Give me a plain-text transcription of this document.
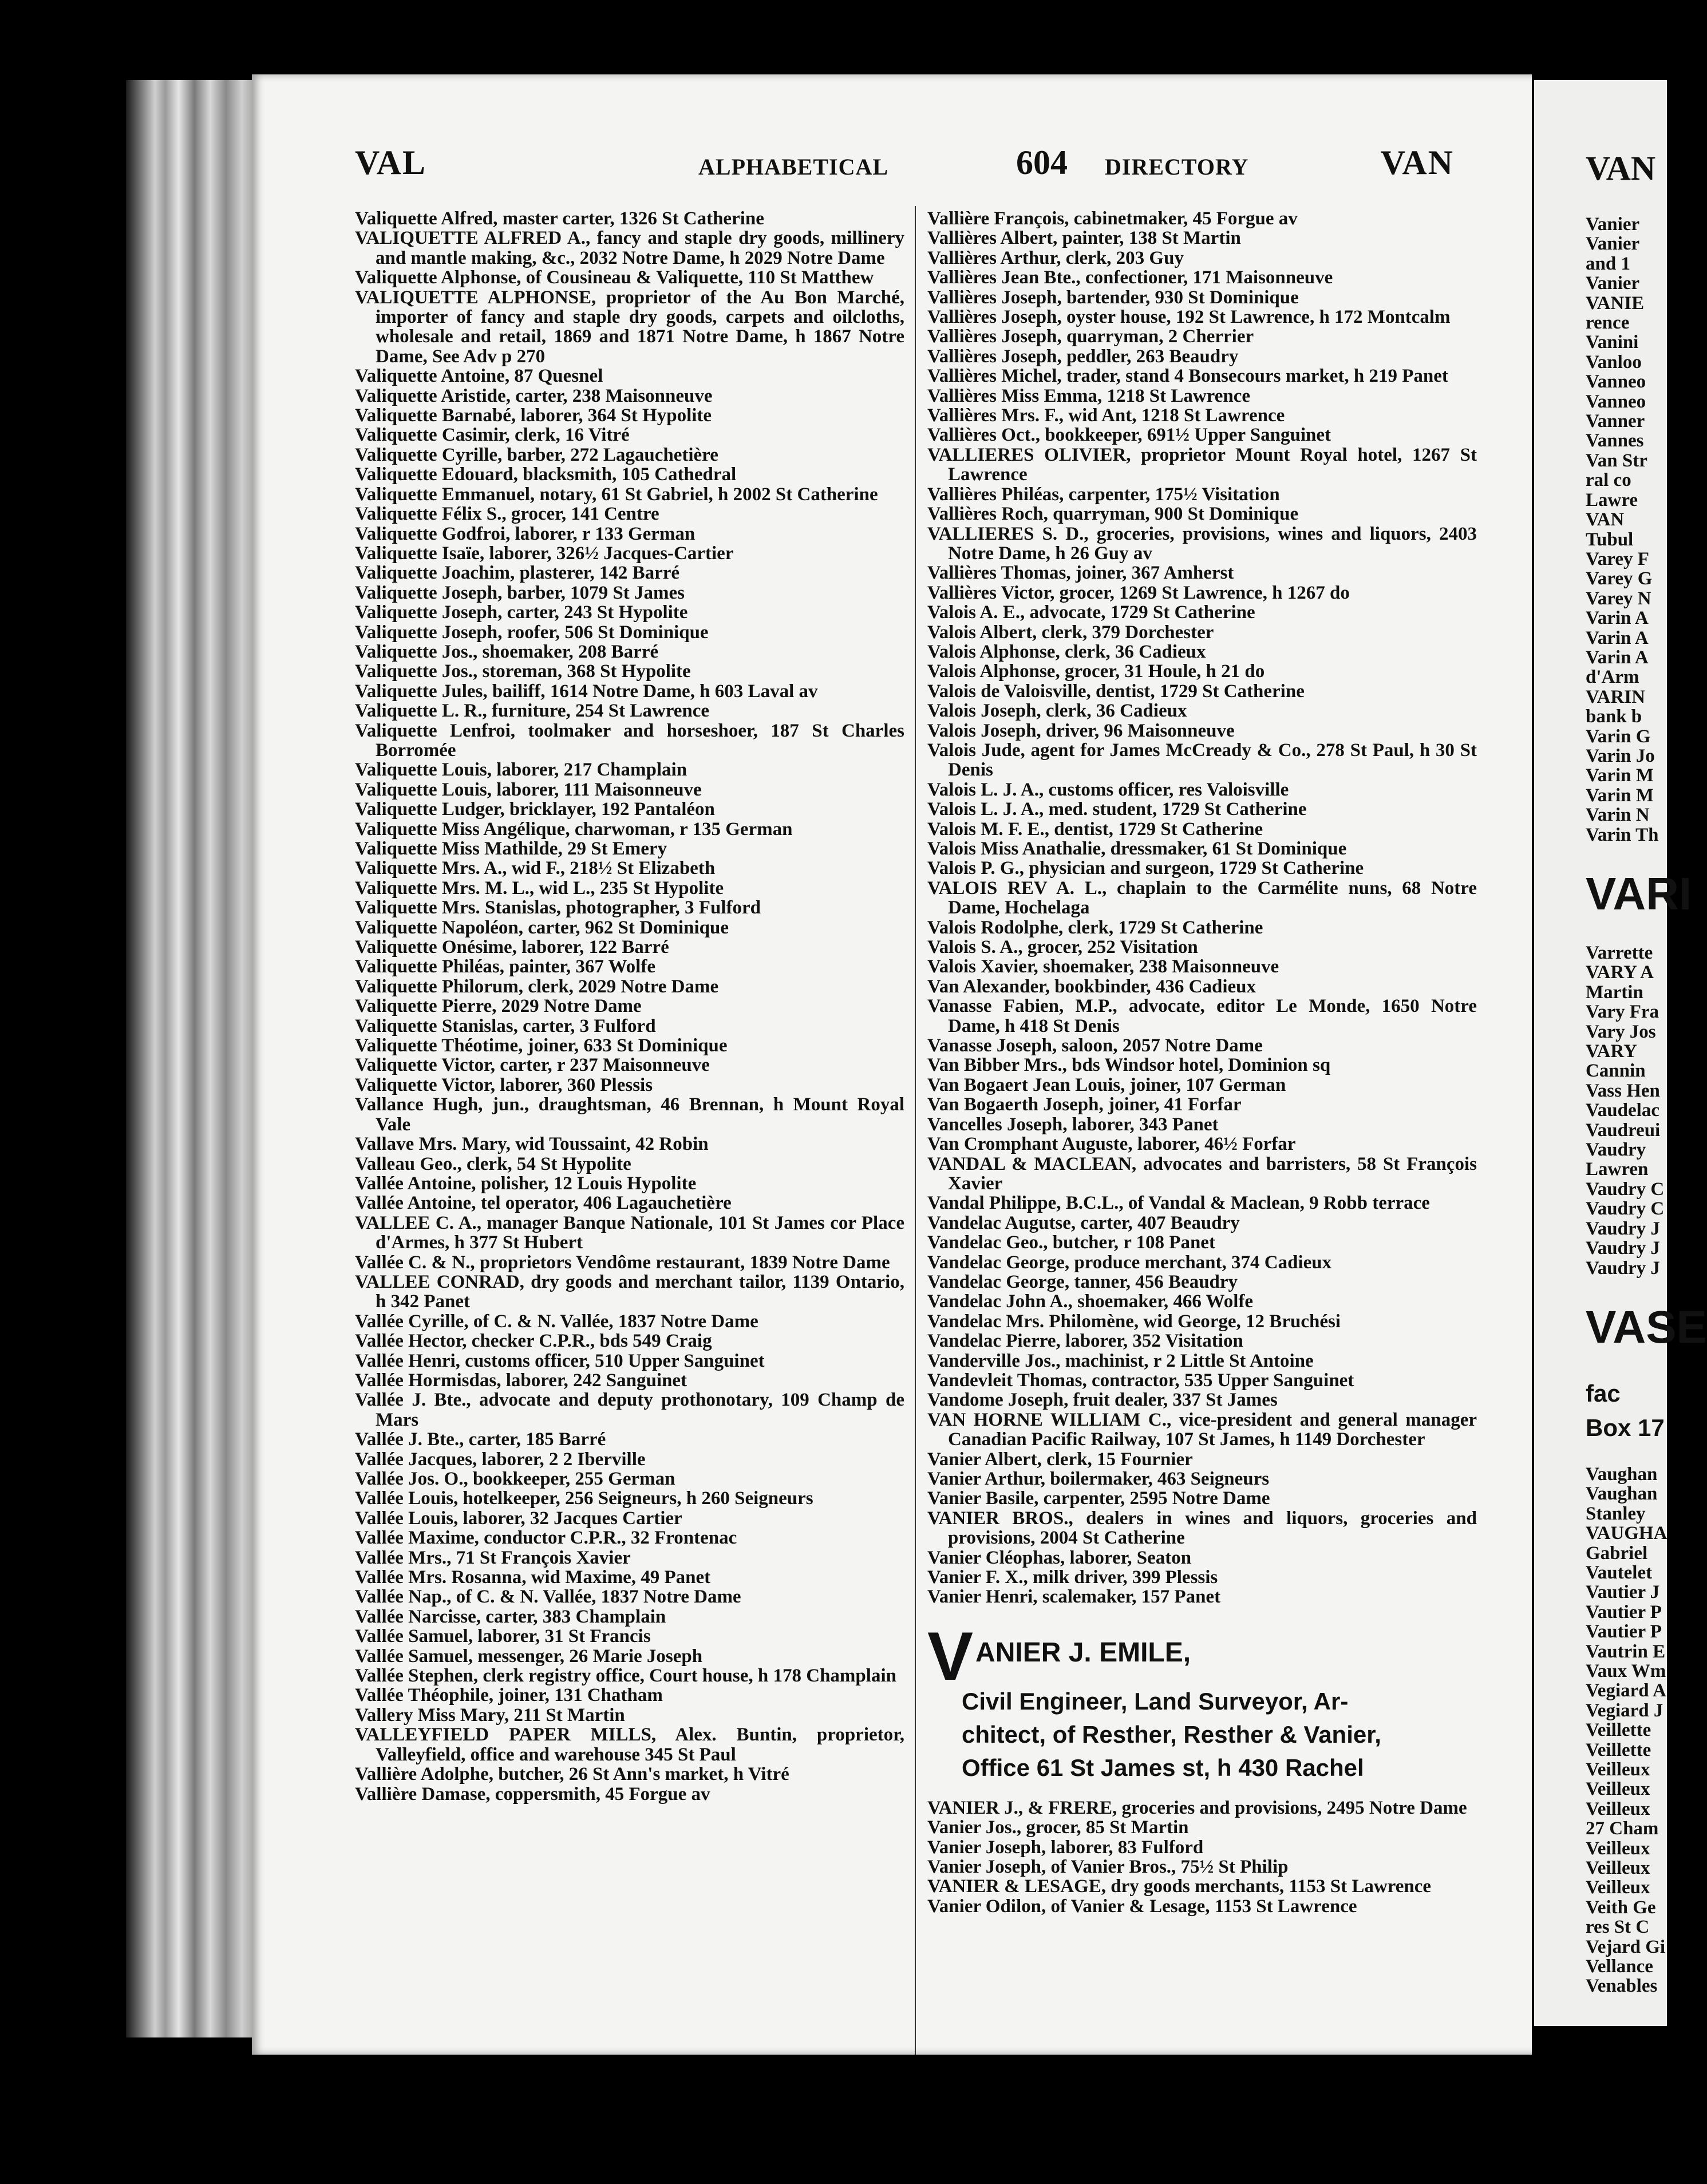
VAL	ALPHABETICAL	604 DIRECTORY	VAN
Valiquette Alfred, master carter, 1326 St Catherine
VALIQUETTE ALFRED A., fancy and staple dry goods, millinery and mantle making, &c., 2032 Notre Dame, h 2029 Notre Dame
Valiquette Alphonse, of Cousineau & Valiquette, 110 St Matthew
VALIQUETTE ALPHONSE, proprietor of the Au Bon Marché, importer of fancy and staple dry goods, carpets and oilcloths, wholesale and retail, 1869 and 1871 Notre Dame, h 1867 Notre Dame, See Adv p 270
Valiquette Antoine, 87 Quesnel
Valiquette Aristide, carter, 238 Maisonneuve
Valiquette Barnabé, laborer, 364 St Hypolite
Valiquette Casimir, clerk, 16 Vitré
Valiquette Cyrille, barber, 272 Lagauchetière
Valiquette Edouard, blacksmith, 105 Cathedral
Valiquette Emmanuel, notary, 61 St Gabriel, h 2002 St Catherine
Valiquette Félix S., grocer, 141 Centre
Valiquette Godfroi, laborer, r 133 German
Valiquette Isaïe, laborer, 326½ Jacques-Cartier
Valiquette Joachim, plasterer, 142 Barré
Valiquette Joseph, barber, 1079 St James
Valiquette Joseph, carter, 243 St Hypolite
Valiquette Joseph, roofer, 506 St Dominique
Valiquette Jos., shoemaker, 208 Barré
Valiquette Jos., storeman, 368 St Hypolite
Valiquette Jules, bailiff, 1614 Notre Dame, h 603 Laval av
Valiquette L. R., furniture, 254 St Lawrence
Valiquette Lenfroi, toolmaker and horseshoer, 187 St Charles Borromée
Valiquette Louis, laborer, 217 Champlain
Valiquette Louis, laborer, 111 Maisonneuve
Valiquette Ludger, bricklayer, 192 Pantaléon
Valiquette Miss Angélique, charwoman, r 135 German
Valiquette Miss Mathilde, 29 St Emery
Valiquette Mrs. A., wid F., 218½ St Elizabeth
Valiquette Mrs. M. L., wid L., 235 St Hypolite
Valiquette Mrs. Stanislas, photographer, 3 Fulford
Valiquette Napoléon, carter, 962 St Dominique
Valiquette Onésime, laborer, 122 Barré
Valiquette Philéas, painter, 367 Wolfe
Valiquette Philorum, clerk, 2029 Notre Dame
Valiquette Pierre, 2029 Notre Dame
Valiquette Stanislas, carter, 3 Fulford
Valiquette Théotime, joiner, 633 St Dominique
Valiquette Victor, carter, r 237 Maisonneuve
Valiquette Victor, laborer, 360 Plessis
Vallance Hugh, jun., draughtsman, 46 Brennan, h Mount Royal Vale
Vallave Mrs. Mary, wid Toussaint, 42 Robin
Valleau Geo., clerk, 54 St Hypolite
Vallée Antoine, polisher, 12 Louis Hypolite
Vallée Antoine, tel operator, 406 Lagauchetière
VALLEE C. A., manager Banque Nationale, 101 St James cor Place d'Armes, h 377 St Hubert
Vallée C. & N., proprietors Vendôme restaurant, 1839 Notre Dame
VALLEE CONRAD, dry goods and merchant tailor, 1139 Ontario, h 342 Panet
Vallée Cyrille, of C. & N. Vallée, 1837 Notre Dame
Vallée Hector, checker C.P.R., bds 549 Craig
Vallée Henri, customs officer, 510 Upper Sanguinet
Vallée Hormisdas, laborer, 242 Sanguinet
Vallée J. Bte., advocate and deputy prothonotary, 109 Champ de Mars
Vallée J. Bte., carter, 185 Barré
Vallée Jacques, laborer, 2 2 Iberville
Vallée Jos. O., bookkeeper, 255 German
Vallée Louis, hotelkeeper, 256 Seigneurs, h 260 Seigneurs
Vallée Louis, laborer, 32 Jacques Cartier
Vallée Maxime, conductor C.P.R., 32 Frontenac
Vallée Mrs., 71 St François Xavier
Vallée Mrs. Rosanna, wid Maxime, 49 Panet
Vallée Nap., of C. & N. Vallée, 1837 Notre Dame
Vallée Narcisse, carter, 383 Champlain
Vallée Samuel, laborer, 31 St Francis
Vallée Samuel, messenger, 26 Marie Joseph
Vallée Stephen, clerk registry office, Court house, h 178 Champlain
Vallée Théophile, joiner, 131 Chatham
Vallery Miss Mary, 211 St Martin
VALLEYFIELD PAPER MILLS, Alex. Buntin, proprietor, Valleyfield, office and warehouse 345 St Paul
Vallière Adolphe, butcher, 26 St Ann's market, h Vitré
Vallière Damase, coppersmith, 45 Forgue av
Vallière François, cabinetmaker, 45 Forgue av
Vallières Albert, painter, 138 St Martin
Vallières Arthur, clerk, 203 Guy
Vallières Jean Bte., confectioner, 171 Maisonneuve
Vallières Joseph, bartender, 930 St Dominique
Vallières Joseph, oyster house, 192 St Lawrence, h 172 Montcalm
Vallières Joseph, quarryman, 2 Cherrier
Vallières Joseph, peddler, 263 Beaudry
Vallières Michel, trader, stand 4 Bonsecours market, h 219 Panet
Vallières Miss Emma, 1218 St Lawrence
Vallières Mrs. F., wid Ant, 1218 St Lawrence
Vallières Oct., bookkeeper, 691½ Upper Sanguinet
VALLIERES OLIVIER, proprietor Mount Royal hotel, 1267 St Lawrence
Vallières Philéas, carpenter, 175½ Visitation
Vallières Roch, quarryman, 900 St Dominique
VALLIERES S. D., groceries, provisions, wines and liquors, 2403 Notre Dame, h 26 Guy av
Vallières Thomas, joiner, 367 Amherst
Vallières Victor, grocer, 1269 St Lawrence, h 1267 do
Valois A. E., advocate, 1729 St Catherine
Valois Albert, clerk, 379 Dorchester
Valois Alphonse, clerk, 36 Cadieux
Valois Alphonse, grocer, 31 Houle, h 21 do
Valois de Valoisville, dentist, 1729 St Catherine
Valois Joseph, clerk, 36 Cadieux
Valois Joseph, driver, 96 Maisonneuve
Valois Jude, agent for James McCready & Co., 278 St Paul, h 30 St Denis
Valois L. J. A., customs officer, res Valoisville
Valois L. J. A., med. student, 1729 St Catherine
Valois M. F. E., dentist, 1729 St Catherine
Valois Miss Anathalie, dressmaker, 61 St Dominique
Valois P. G., physician and surgeon, 1729 St Catherine
VALOIS REV A. L., chaplain to the Carmélite nuns, 68 Notre Dame, Hochelaga
Valois Rodolphe, clerk, 1729 St Catherine
Valois S. A., grocer, 252 Visitation
Valois Xavier, shoemaker, 238 Maisonneuve
Van Alexander, bookbinder, 436 Cadieux
Vanasse Fabien, M.P., advocate, editor Le Monde, 1650 Notre Dame, h 418 St Denis
Vanasse Joseph, saloon, 2057 Notre Dame
Van Bibber Mrs., bds Windsor hotel, Dominion sq
Van Bogaert Jean Louis, joiner, 107 German
Van Bogaerth Joseph, joiner, 41 Forfar
Vancelles Joseph, laborer, 343 Panet
Van Cromphant Auguste, laborer, 46½ Forfar
VANDAL & MACLEAN, advocates and barristers, 58 St François Xavier
Vandal Philippe, B.C.L., of Vandal & Maclean, 9 Robb terrace
Vandelac Augutse, carter, 407 Beaudry
Vandelac Geo., butcher, r 108 Panet
Vandelac George, produce merchant, 374 Cadieux
Vandelac George, tanner, 456 Beaudry
Vandelac John A., shoemaker, 466 Wolfe
Vandelac Mrs. Philomène, wid George, 12 Bruchési
Vandelac Pierre, laborer, 352 Visitation
Vanderville Jos., machinist, r 2 Little St Antoine
Vandevleit Thomas, contractor, 535 Upper Sanguinet
Vandome Joseph, fruit dealer, 337 St James
VAN HORNE WILLIAM C., vice-president and general manager Canadian Pacific Railway, 107 St James, h 1149 Dorchester
Vanier Albert, clerk, 15 Fournier
Vanier Arthur, boilermaker, 463 Seigneurs
Vanier Basile, carpenter, 2595 Notre Dame
VANIER BROS., dealers in wines and liquors, groceries and provisions, 2004 St Catherine
Vanier Cléophas, laborer, Seaton
Vanier F. X., milk driver, 399 Plessis
Vanier Henri, scalemaker, 157 Panet
V ANIER J. EMILE,
Civil Engineer, Land Surveyor, Ar-
chitect, of Resther, Resther & Vanier,
Office 61 St James st, h 430 Rachel
VANIER J., & FRERE, groceries and provisions, 2495 Notre Dame
Vanier Jos., grocer, 85 St Martin
Vanier Joseph, laborer, 83 Fulford
Vanier Joseph, of Vanier Bros., 75½ St Philip
VANIER & LESAGE, dry goods merchants, 1153 St Lawrence
Vanier Odilon, of Vanier & Lesage, 1153 St Lawrence
VAN
Vanier
Vanier
and 1
Vanier
VANIE
rence
Vanini
Vanloo
Vanneo
Vanneo
Vanner
Vannes
Van Str
ral co
Lawre
VAN
Tubul
Varey F
Varey G
Varey N
Varin A
Varin A
Varin A
d'Arm
VARIN
bank b
Varin G
Varin Jo
Varin M
Varin M
Varin N
Varin Th
VARI
Varrette
VARY A
Martin
Vary Fra
Vary Jos
VARY
Cannin
Vass Hen
Vaudelac
Vaudreui
Vaudry
Lawren
Vaudry C
Vaudry C
Vaudry J
Vaudry J
Vaudry J
VASE
fac
Box 17
Vaughan
Vaughan
Stanley
VAUGHA
Gabriel
Vautelet
Vautier J
Vautier P
Vautier P
Vautrin E
Vaux Wm
Vegiard A
Vegiard J
Veillette
Veillette
Veilleux
Veilleux
Veilleux
27 Cham
Veilleux
Veilleux
Veilleux
Veith Ge
res St C
Vejard Gi
Vellance
Venables
